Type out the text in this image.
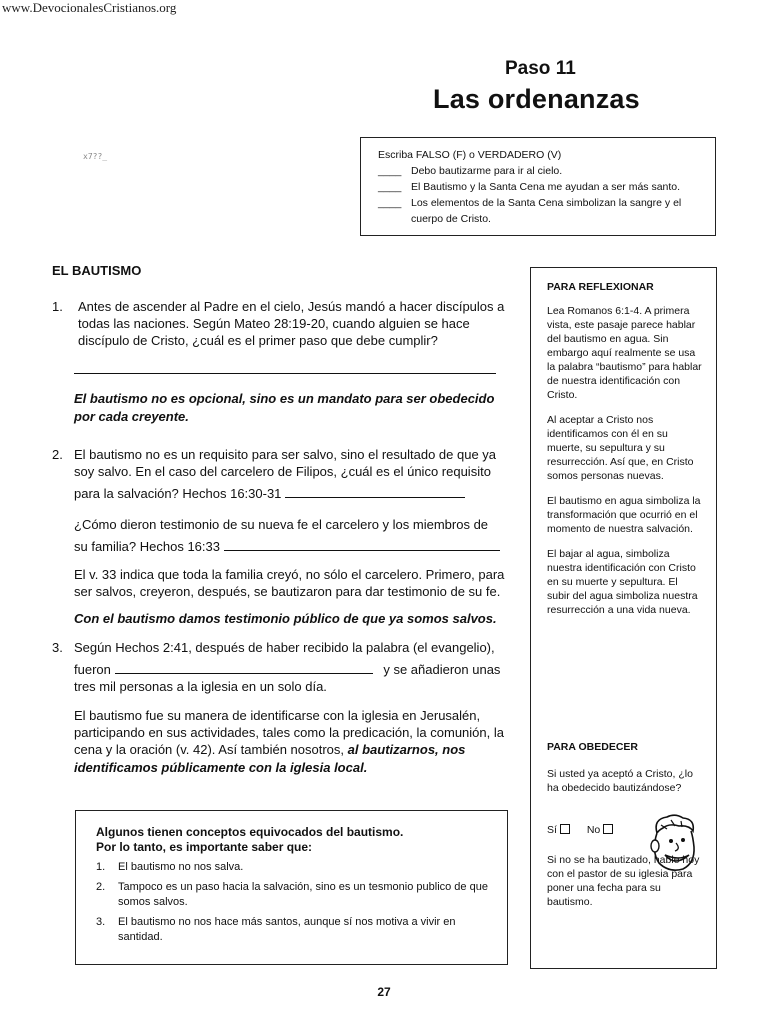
www.DevocionalesCristianos.org
Paso 11
Las ordenanzas
x7??_	Escriba FALSO (F) o VERDADERO (V)
____ Debo bautizarme para ir al cielo.
____ El Bautismo y la Santa Cena me ayudan a ser más santo.
____ Los elementos de la Santa Cena simbolizan la sangre y el cuerpo de Cristo.
EL BAUTISMO
1.	Antes de ascender al Padre en el cielo, Jesús mandó a hacer discípulos a todas las naciones. Según Mateo 28:19-20, cuando alguien se hace discípulo de Cristo, ¿cuál es el primer paso que debe cumplir?

El bautismo no es opcional, sino es un mandato para ser obedecido por cada creyente.

2. El bautismo no es un requisito para ser salvo, sino el resultado de que ya soy salvo. En el caso del carcelero de Filipos, ¿cuál es el único requisito

para la salvación? Hechos 16:30-31

¿Cómo dieron testimonio de su nueva fe el carcelero y los miembros de

su familia? Hechos 16:33

El v. 33 indica que toda la familia creyó, no sólo el carcelero. Primero, para ser salvos, creyeron, después, se bautizaron para dar testimonio de su fe.

Con el bautismo damos testimonio público de que ya somos salvos.

3. Según Hechos 2:41, después de haber recibido la palabra (el evangelio),

fueron	y se añadieron unas

tres mil personas a la iglesia en un solo día.

El bautismo fue su manera de identificarse con la iglesia en Jerusalén, participando en sus actividades, tales como la predicación, la comunión, la cena y la oración (v. 42). Así también nosotros, al bautizarnos, nos identificamos públicamente con la iglesia local.

Algunos tienen conceptos equivocados del bautismo.
Por lo tanto, es importante saber que:
1.	El bautismo no nos salva.
2.	Tampoco es un paso hacia la salvación, sino es un tesmonio publico de que somos salvos.
3.	El bautismo no nos hace más santos, aunque sí nos motiva a vivir en santidad.
PARA REFLEXIONAR

Lea Romanos 6:1-4. A primera vista, este pasaje parece hablar del bautismo en agua. Sin embargo aquí realmente se usa la palabra “bautismo” para hablar de nuestra identificación con Cristo.

Al aceptar a Cristo nos identificamos con él en su muerte, su sepultura y su resurrección. Así que, en Cristo somos personas nuevas.

El bautismo en agua simboliza la transformación que ocurrió en el momento de nuestra salvación.

El bajar al agua, simboliza nuestra identificación con Cristo en su muerte y sepultura. El subir del agua simboliza nuestra resurrección a una vida nueva.

PARA OBEDECER

Si usted ya aceptó a Cristo, ¿lo ha obedecido bautizándose?

Sí	No

Si no se ha bautizado, hable hoy con el pastor de su iglesia para poner una fecha para su bautismo.

27
